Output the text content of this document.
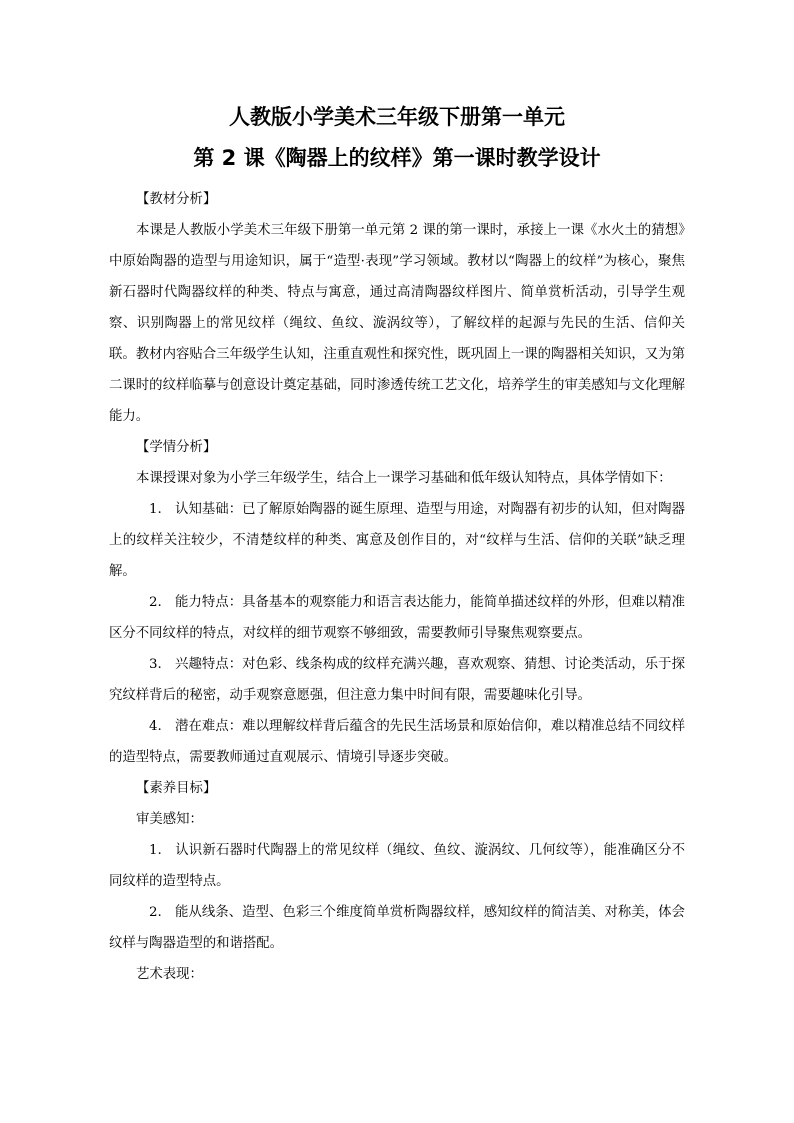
人教版小学美术三年级下册第一单元
第 2 课《陶器上的纹样》第一课时教学设计

【教材分析】

本课是人教版小学美术三年级下册第一单元第 2 课的第一课时，承接上一课《水火土的猜想》中原始陶器的造型与用途知识，属于“造型·表现”学习领域。教材以“陶器上的纹样”为核心，聚焦新石器时代陶器纹样的种类、特点与寓意，通过高清陶器纹样图片、简单赏析活动，引导学生观察、识别陶器上的常见纹样（绳纹、鱼纹、漩涡纹等），了解纹样的起源与先民的生活、信仰关联。教材内容贴合三年级学生认知，注重直观性和探究性，既巩固上一课的陶器相关知识，又为第二课时的纹样临摹与创意设计奠定基础，同时渗透传统工艺文化，培养学生的审美感知与文化理解能力。

【学情分析】

本课授课对象为小学三年级学生，结合上一课学习基础和低年级认知特点，具体学情如下：

1. 认知基础：已了解原始陶器的诞生原理、造型与用途，对陶器有初步的认知，但对陶器上的纹样关注较少，不清楚纹样的种类、寓意及创作目的，对“纹样与生活、信仰的关联”缺乏理解。

2. 能力特点：具备基本的观察能力和语言表达能力，能简单描述纹样的外形，但难以精准区分不同纹样的特点，对纹样的细节观察不够细致，需要教师引导聚焦观察要点。

3. 兴趣特点：对色彩、线条构成的纹样充满兴趣，喜欢观察、猜想、讨论类活动，乐于探究纹样背后的秘密，动手观察意愿强，但注意力集中时间有限，需要趣味化引导。

4. 潜在难点：难以理解纹样背后蕴含的先民生活场景和原始信仰，难以精准总结不同纹样的造型特点，需要教师通过直观展示、情境引导逐步突破。

【素养目标】

审美感知：

1. 认识新石器时代陶器上的常见纹样（绳纹、鱼纹、漩涡纹、几何纹等），能准确区分不同纹样的造型特点。

2. 能从线条、造型、色彩三个维度简单赏析陶器纹样，感知纹样的简洁美、对称美，体会纹样与陶器造型的和谐搭配。

艺术表现：
